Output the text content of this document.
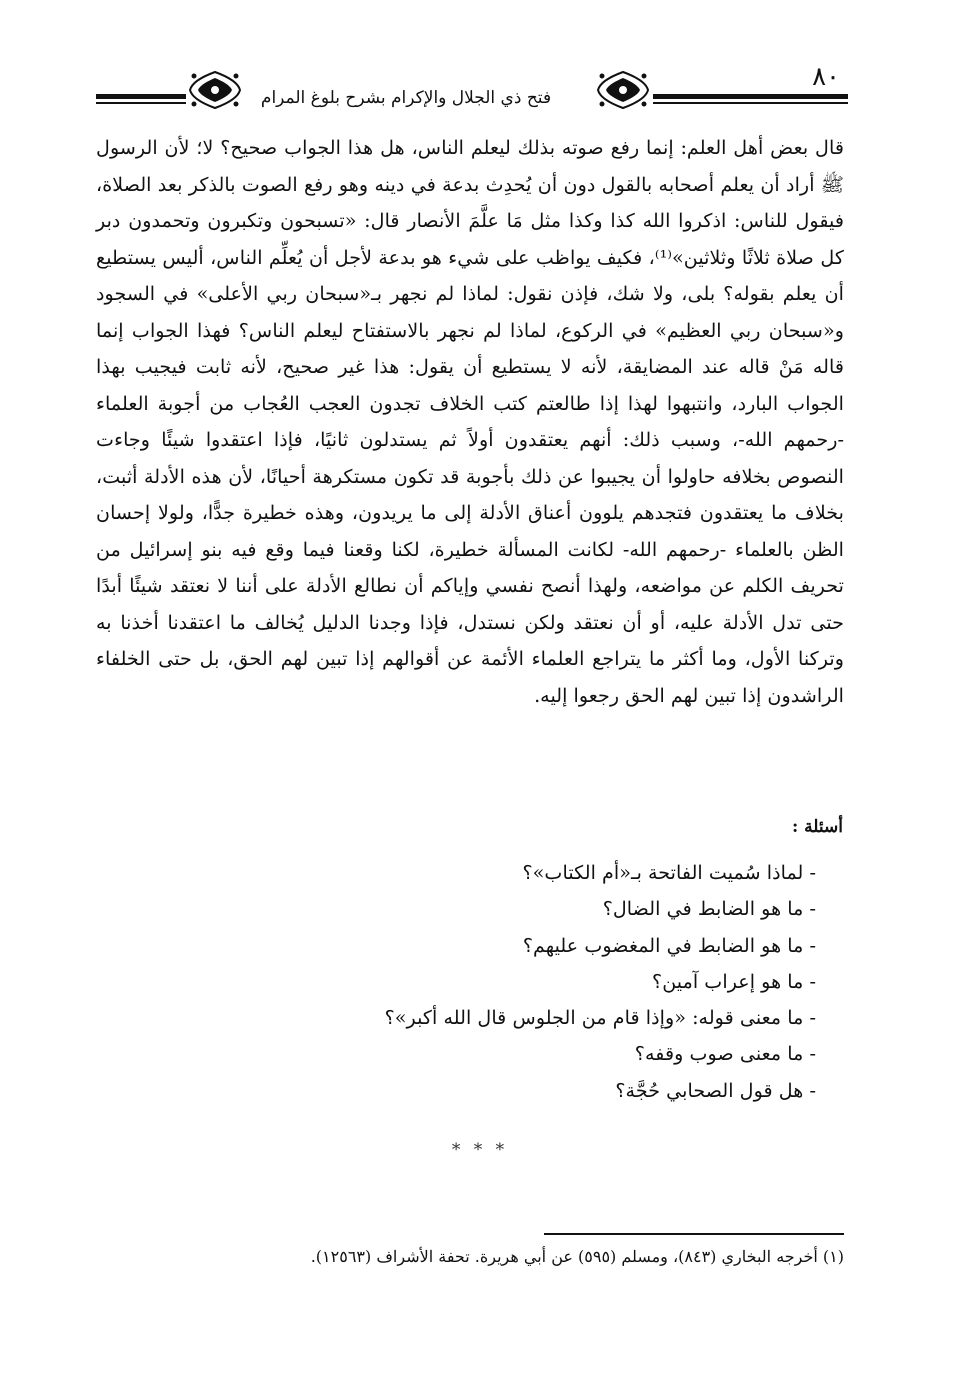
٨٠
فتح ذي الجلال والإكرام بشرح بلوغ المرام

قال بعض أهل العلم: إنما رفع صوته بذلك ليعلم الناس، هل هذا الجواب صحيح؟ لا؛ لأن الرسول ﷺ أراد أن يعلم أصحابه بالقول دون أن يُحدِث بدعة في دينه وهو رفع الصوت بالذكر بعد الصلاة، فيقول للناس: اذكروا الله كذا وكذا مثل مَا علَّمَ الأنصار قال: «تسبحون وتكبرون وتحمدون دبر كل صلاة ثلاثًا وثلاثين»⁽¹⁾، فكيف يواظب على شيء هو بدعة لأجل أن يُعلِّم الناس، أليس يستطيع أن يعلم بقوله؟ بلى، ولا شك، فإذن نقول: لماذا لم نجهر بـ«سبحان ربي الأعلى» في السجود و«سبحان ربي العظيم» في الركوع، لماذا لم نجهر بالاستفتاح ليعلم الناس؟ فهذا الجواب إنما قاله مَنْ قاله عند المضايقة، لأنه لا يستطيع أن يقول: هذا غير صحيح، لأنه ثابت فيجيب بهذا الجواب البارد، وانتبهوا لهذا إذا طالعتم كتب الخلاف تجدون العجب العُجاب من أجوبة العلماء -رحمهم الله-، وسبب ذلك: أنهم يعتقدون أولاً ثم يستدلون ثانيًا، فإذا اعتقدوا شيئًا وجاءت النصوص بخلافه حاولوا أن يجيبوا عن ذلك بأجوبة قد تكون مستكرهة أحيانًا، لأن هذه الأدلة أثبت، بخلاف ما يعتقدون فتجدهم يلوون أعناق الأدلة إلى ما يريدون، وهذه خطيرة جدًّا، ولولا إحسان الظن بالعلماء -رحمهم الله- لكانت المسألة خطيرة، لكنا وقعنا فيما وقع فيه بنو إسرائيل من تحريف الكلم عن مواضعه، ولهذا أنصح نفسي وإياكم أن نطالع الأدلة على أننا لا نعتقد شيئًا أبدًا حتى تدل الأدلة عليه، أو أن نعتقد ولكن نستدل، فإذا وجدنا الدليل يُخالف ما اعتقدنا أخذنا به وتركنا الأول، وما أكثر ما يتراجع العلماء الأئمة عن أقوالهم إذا تبين لهم الحق، بل حتى الخلفاء الراشدون إذا تبين لهم الحق رجعوا إليه.

أسئلة :
- لماذا سُميت الفاتحة بـ«أم الكتاب»؟
- ما هو الضابط في الضال؟
- ما هو الضابط في المغضوب عليهم؟
- ما هو إعراب آمين؟
- ما معنى قوله: «وإذا قام من الجلوس قال الله أكبر»؟
- ما معنى صوب وقفه؟
- هل قول الصحابي حُجَّة؟
* * *
(١) أخرجه البخاري (٨٤٣)، ومسلم (٥٩٥) عن أبي هريرة. تحفة الأشراف (١٢٥٦٣).
